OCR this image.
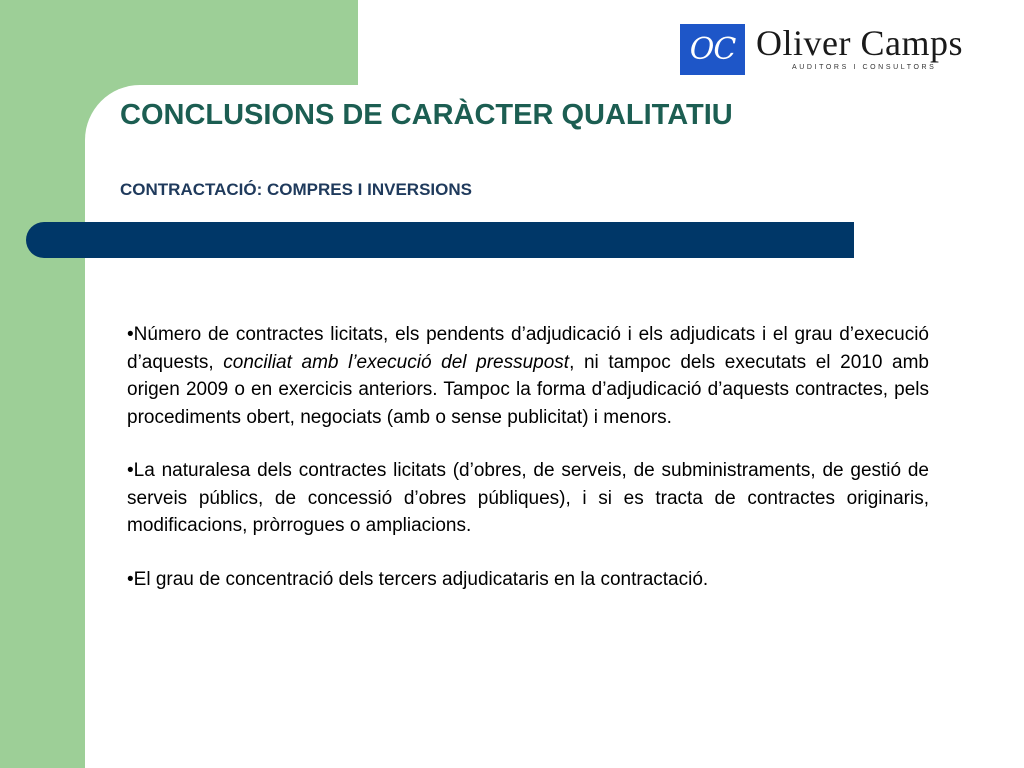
OC Oliver Camps
AUDITORS I CONSULTORS
CONCLUSIONS DE CARÀCTER QUALITATIU
CONTRACTACIÓ: COMPRES I INVERSIONS

•Número de contractes licitats, els pendents d’adjudicació i els adjudicats i el grau d’execució d’aquests, conciliat amb l’execució del pressupost, ni tampoc dels executats el 2010 amb origen 2009 o en exercicis anteriors. Tampoc la forma d’adjudicació d’aquests contractes, pels procediments obert, negociats (amb o sense publicitat) i menors.

•La naturalesa dels contractes licitats (d’obres, de serveis, de subministraments, de gestió de serveis públics, de concessió d’obres públiques), i si es tracta de contractes originaris, modificacions, pròrrogues o ampliacions.

•El grau de concentració dels tercers adjudicataris en la contractació.
